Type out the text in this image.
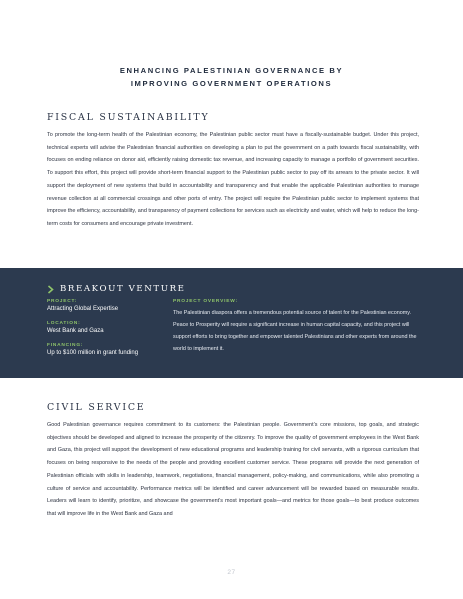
ENHANCING PALESTINIAN GOVERNANCE BY
IMPROVING GOVERNMENT OPERATIONS
FISCAL SUSTAINABILITY

To promote the long-term health of the Palestinian economy, the Palestinian public sector must have a fiscally-sustainable budget. Under this project, technical experts will advise the Palestinian financial authorities on developing a plan to put the government on a path towards fiscal sustainability, with focuses on ending reliance on donor aid, efficiently raising domestic tax revenue, and increasing capacity to manage a portfolio of government securities. To support this effort, this project will provide short-term financial support to the Palestinian public sector to pay off its arrears to the private sector. It will support the deployment of new systems that build in accountability and transparency and that enable the applicable Palestinian authorities to manage revenue collection at all commercial crossings and other ports of entry. The project will require the Palestinian public sector to implement systems that improve the efficiency, accountability, and transparency of payment collections for services such as electricity and water, which will help to reduce the long-term costs for consumers and encourage private investment.

BREAKOUT VENTURE
PROJECT:
Attracting Global Expertise
LOCATION:
West Bank and Gaza
FINANCING:
Up to $100 million in grant funding
PROJECT OVERVIEW:

The Palestinian diaspora offers a tremendous potential source of talent for the Palestinian economy. Peace to Prosperity will require a significant increase in human capital capacity, and this project will support efforts to bring together and empower talented Palestinians and other experts from around the world to implement it.

CIVIL SERVICE

Good Palestinian governance requires commitment to its customers: the Palestinian people. Government’s core missions, top goals, and strategic objectives should be developed and aligned to increase the prosperity of the citizenry. To improve the quality of government employees in the West Bank and Gaza, this project will support the development of new educational programs and leadership training for civil servants, with a rigorous curriculum that focuses on being responsive to the needs of the people and providing excellent customer service. These programs will provide the next generation of Palestinian officials with skills in leadership, teamwork, negotiations, financial management, policy-making, and communications, while also promoting a culture of service and accountability. Performance metrics will be identified and career advancement will be rewarded based on measurable results. Leaders will learn to identify, prioritize, and showcase the government’s most important goals—and metrics for those goals—to best produce outcomes that will improve life in the West Bank and Gaza and

27
